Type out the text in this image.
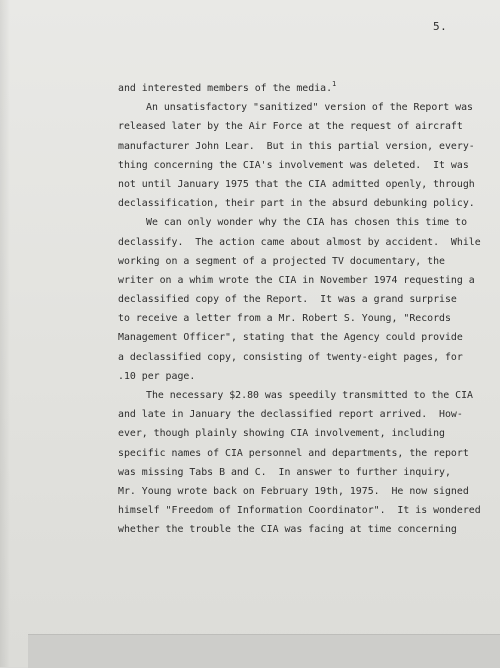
5.
and interested members of the media.$^1$
An unsatisfactory "sanitized" version of the Report was
released later by the Air Force at the request of aircraft
manufacturer John Lear.  But in this partial version, every-
thing concerning the CIA's involvement was deleted.  It was
not until January 1975 that the CIA admitted openly, through
declassification, their part in the absurd debunking policy.
We can only wonder why the CIA has chosen this time to
declassify.  The action came about almost by accident.  While
working on a segment of a projected TV documentary, the
writer on a whim wrote the CIA in November 1974 requesting a
declassified copy of the Report.  It was a grand surprise
to receive a letter from a Mr. Robert S. Young, "Records
Management Officer", stating that the Agency could provide
a declassified copy, consisting of twenty-eight pages, for
.10 per page.
The necessary $2.80 was speedily transmitted to the CIA
and late in January the declassified report arrived.  How-
ever, though plainly showing CIA involvement, including
specific names of CIA personnel and departments, the report
was missing Tabs B and C.  In answer to further inquiry,
Mr. Young wrote back on February 19th, 1975.  He now signed
himself "Freedom of Information Coordinator".  It is wondered
whether the trouble the CIA was facing at time concerning
